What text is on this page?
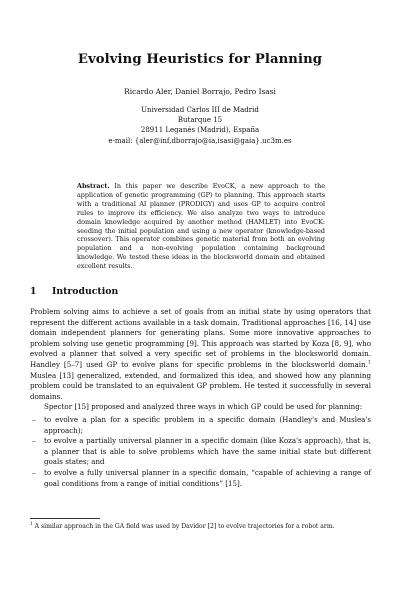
Evolving Heuristics for Planning
Ricardo Aler, Daniel Borrajo, Pedro Isasi
Universidad Carlos III de Madrid
Butarque 15
28911 Leganés (Madrid), España
e-mail: {aler@inf,dborrajo@ia,isasi@gaia}.uc3m.es
Abstract. In this paper we describe EvoCK, a new approach to the application of genetic programming (GP) to planning. This approach starts with a traditional AI planner (PRODIGY) and uses GP to acquire control rules to improve its efficiency. We also analyze two ways to introduce domain knowledge acquired by another method (HAMLET) into EvoCK: seeding the initial population and using a new operator (knowledge-based crossover). This operator combines genetic material from both an evolving population and a non-evolving population containing background knowledge. We tested these ideas in the blocksworld domain and obtained excellent results.
1 Introduction

Problem solving aims to achieve a set of goals from an initial state by using operators that represent the different actions available in a task domain. Traditional approaches [16, 14] use domain independent planners for generating plans. Some more innovative approaches to problem solving use genetic programming [9]. This approach was started by Koza [8, 9], who evolved a planner that solved a very specific set of problems in the blocksworld domain. Handley [5–7] used GP to evolve plans for specific problems in the blocksworld domain.$^1$ Muslea [13] generalized, extended, and formalized this idea, and showed how any planning problem could be translated to an equivalent GP problem. He tested it successfully in several domains.

Spector [15] proposed and analyzed three ways in which GP could be used for planning:

– to evolve a plan for a specific problem in a specific domain (Handley's and Muslea's approach);
– to evolve a partially universal planner in a specific domain (like Koza's approach), that is, a planner that is able to solve problems which have the same initial state but different goals states; and
– to evolve a fully universal planner in a specific domain, “capable of achieving a range of goal conditions from a range of initial conditions” [15].
$^1$ A similar approach in the GA field was used by Davidor [2] to evolve trajectories for a robot arm.
